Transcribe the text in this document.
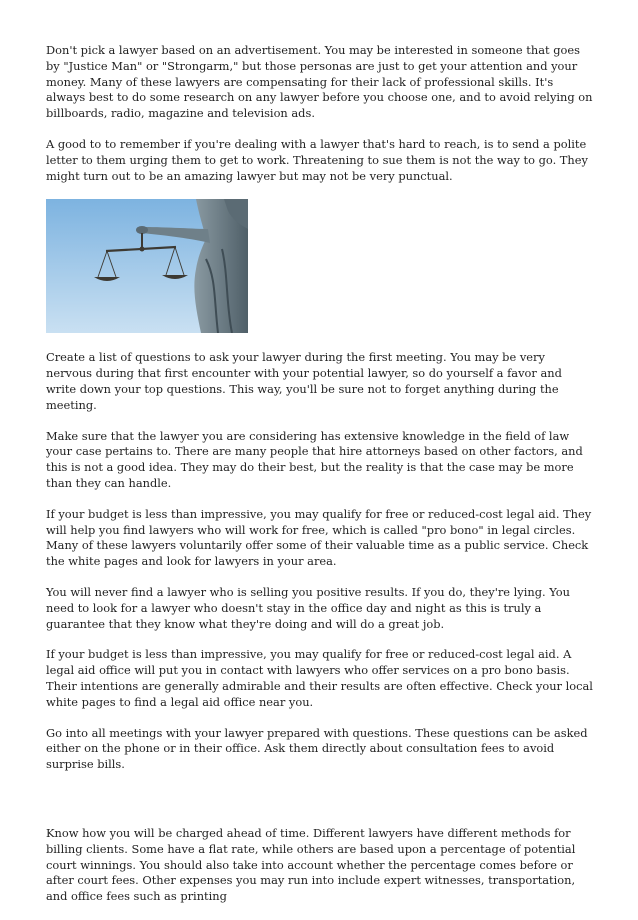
Don't pick a lawyer based on an advertisement. You may be interested in someone that goes by "Justice Man" or "Strongarm," but those personas are just to get your attention and your money. Many of these lawyers are compensating for their lack of professional skills. It's always best to do some research on any lawyer before you choose one, and to avoid relying on billboards, radio, magazine and television ads.

A good to to remember if you're dealing with a lawyer that's hard to reach, is to send a polite letter to them urging them to get to work. Threatening to sue them is not the way to go. They might turn out to be an amazing lawyer but may not be very punctual.

Create a list of questions to ask your lawyer during the first meeting. You may be very nervous during that first encounter with your potential lawyer, so do yourself a favor and write down your top questions. This way, you'll be sure not to forget anything during the meeting.

Make sure that the lawyer you are considering has extensive knowledge in the field of law your case pertains to. There are many people that hire attorneys based on other factors, and this is not a good idea. They may do their best, but the reality is that the case may be more than they can handle.

If your budget is less than impressive, you may qualify for free or reduced-cost legal aid. They will help you find lawyers who will work for free, which is called "pro bono" in legal circles. Many of these lawyers voluntarily offer some of their valuable time as a public service. Check the white pages and look for lawyers in your area.

You will never find a lawyer who is selling you positive results. If you do, they're lying. You need to look for a lawyer who doesn't stay in the office day and night as this is truly a guarantee that they know what they're doing and will do a great job.

If your budget is less than impressive, you may qualify for free or reduced-cost legal aid. A legal aid office will put you in contact with lawyers who offer services on a pro bono basis. Their intentions are generally admirable and their results are often effective. Check your local white pages to find a legal aid office near you.

Go into all meetings with your lawyer prepared with questions. These questions can be asked either on the phone or in their office. Ask them directly about consultation fees to avoid surprise bills.

Know how you will be charged ahead of time. Different lawyers have different methods for billing clients. Some have a flat rate, while others are based upon a percentage of potential court winnings. You should also take into account whether the percentage comes before or after court fees. Other expenses you may run into include expert witnesses, transportation, and office fees such as printing
